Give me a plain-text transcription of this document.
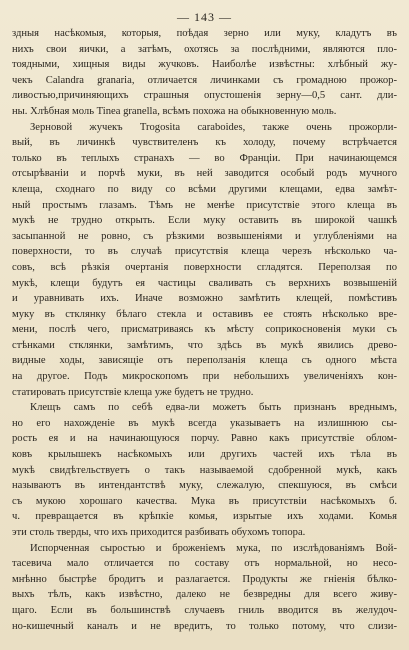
— 143 —
здныя насѣкомыя, которыя, поѣдая зерно или муку, кладутъ въ
нихъ свои яички, а затѣмъ, охотясь за послѣдними, являются пло-
тоядными, хищныя виды жучковъ. Наиболѣе извѣстны: хлѣбный жу-
чекъ Calandra granaria, отличается личинками съ громадною прожор-
ливостью,причиняющихъ страшныя опустошенія зерну—0,5 сант. дли-
ны. Хлѣбная моль Tinea granella, всѣмъ похожа на обыкновенную моль.
Зерновой жучекъ Trogosita caraboides, также очень прожорли-
вый, въ личинкѣ чувствителенъ къ холоду, почему встрѣчается
только въ теплыхъ странахъ — во Франціи. При начинающемся
отсырѣваніи и порчѣ муки, въ ней заводится особый родъ мучного
клеща, сходнаго по виду со всѣми другими клещами, едва замѣт-
ный простымъ глазамъ. Тѣмъ не менѣе присутствіе этого клеща въ
мукѣ не трудно открыть. Если муку оставить въ широкой чашкѣ
засыпанной не ровно, съ рѣзкими возвышеніями и углубленіями на
поверхности, то въ случаѣ присутствія клеща черезъ нѣсколько ча-
совъ, всѣ рѣзкія очертанія поверхности сгладятся. Переползая по
мукѣ, клещи будутъ ея частицы сваливать съ верхнихъ возвышеній
и уравнивать ихъ. Иначе возможно замѣтить клещей, помѣстивъ
муку въ стклянку бѣлаго стекла и оставивъ ее стоять нѣсколько вре-
мени, послѣ чего, присматриваясь къ мѣсту соприкосновенія муки съ
стѣнками стклянки, замѣтимъ, что здѣсь въ мукѣ явились древо-
видные ходы, зависящіе отъ переползанія клеща съ одного мѣста
на другое. Подъ микроскопомъ при небольшихъ увеличеніяхъ кон-
статировать присутствіе клеща уже будетъ не трудно.
Клещъ самъ по себѣ едва-ли можетъ быть признанъ вреднымъ,
но его нахожденіе въ мукѣ всегда указываетъ на излишнюю сы-
рость ея и на начинающуюся порчу. Равно какъ присутствіе облом-
ковъ крылышекъ насѣкомыхъ или другихъ частей ихъ тѣла въ
мукѣ свидѣтельствуетъ о такъ называемой сдобренной мукѣ, какъ
называютъ въ интендантствѣ муку, слежалую, спекшуюся, въ смѣси
съ мукою хорошаго качества. Мука въ присутствіи насѣкомыхъ б.
ч. превращается въ крѣпкіе комья, изрытые ихъ ходами. Комья
эти столь тверды, что ихъ приходится разбивать обухомъ топора.
Испорченная сыростью и броженіемъ мука, по изслѣдованіямъ Вой-
тасевича мало отличается по составу отъ нормальной, но несо-
мнѣнно быстрѣе бродитъ и разлагается. Продукты же гніенія бѣлко-
выхъ тѣлъ, какъ извѣстно, далеко не безвредны для всего живу-
щаго. Если въ большинствѣ случаевъ гниль вводится въ желудоч-
но-кишечный каналъ и не вредитъ, то только потому, что слизи-
